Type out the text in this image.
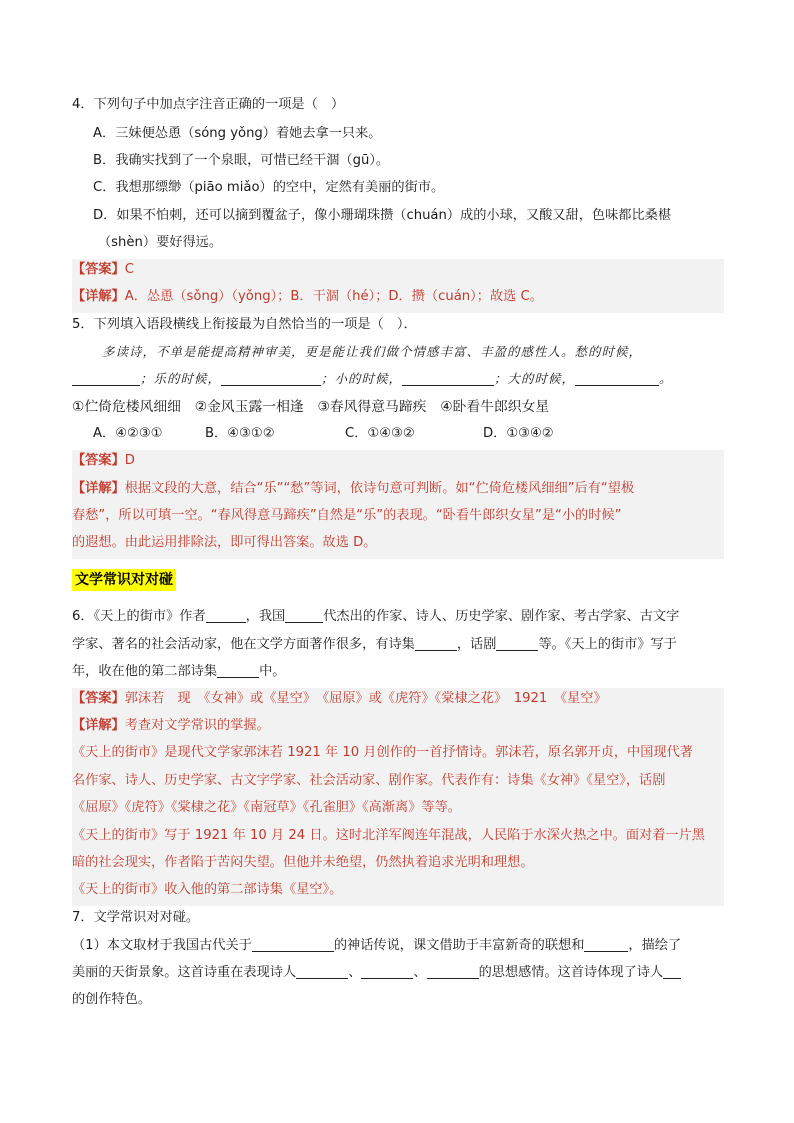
4．下列句子中加点字注音正确的一项是（　）
A．三妹便怂恿（sóng yǒng）着她去拿一只来。
B．我确实找到了一个泉眼，可惜已经干涸（gū）。
C．我想那缥缈（piāo miǎo）的空中，定然有美丽的街市。
D．如果不怕刺，还可以摘到覆盆子，像小珊瑚珠攒（chuán）成的小球，又酸又甜，色味都比桑椹
（shèn）要好得远。
【答案】C
【详解】A．怂恿（sǒng）（yǒng）；B．干涸（hé）；D．攒（cuán）；故选 C。
5．下列填入语段横线上衔接最为自然恰当的一项是（　）．
多读诗，不单是能提高精神审美，更是能让我们做个情感丰富、丰盈的感性人。愁的时候，
；乐的时候，	；小的时候，	；大的时候，	。
①伫倚危楼风细细　②金风玉露一相逢　③春风得意马蹄疾　④卧看牛郎织女星
A．④②③①	B．④③①②	C．①④③②	D．①③④②
【答案】D
【详解】根据文段的大意，结合“乐”“愁”等词，依诗句意可判断。如“伫倚危楼风细细”后有“望极
春愁”，所以可填一空。“春风得意马蹄疾”自然是“乐”的表现。“卧看牛郎织女星”是“小的时候”
的遐想。由此运用排除法，即可得出答案。故选 D。
文学常识对对碰
6．《天上的街市》作者	，我国	代杰出的作家、诗人、历史学家、剧作家、考古学家、古文字
学家、著名的社会活动家，他在文学方面著作很多，有诗集	，话剧	等。《天上的街市》写于
年，收在他的第二部诗集	中。
【答案】郭沫若　现　《女神》或《星空》　《屈原》或《虎符》《棠棣之花》　1921　《星空》
【详解】考查对文学常识的掌握。
《天上的街市》是现代文学家郭沫若 1921 年 10 月创作的一首抒情诗。郭沫若，原名郭开贞，中国现代著
名作家、诗人、历史学家、古文字学家、社会活动家、剧作家。代表作有：诗集《女神》《星空》，话剧
《屈原》《虎符》《棠棣之花》《南冠草》《孔雀胆》《高渐离》等等。
《天上的街市》写于 1921 年 10 月 24 日。这时北洋军阀连年混战，人民陷于水深火热之中。面对着一片黑
暗的社会现实，作者陷于苦闷失望。但他并未绝望，仍然执着追求光明和理想。
《天上的街市》收入他的第二部诗集《星空》。
7．文学常识对对碰。
（1）本文取材于我国古代关于	的神话传说，课文借助于丰富新奇的联想和	，描绘了
美丽的天街景象。这首诗重在表现诗人	、	、	的思想感情。这首诗体现了诗人
的创作特色。
